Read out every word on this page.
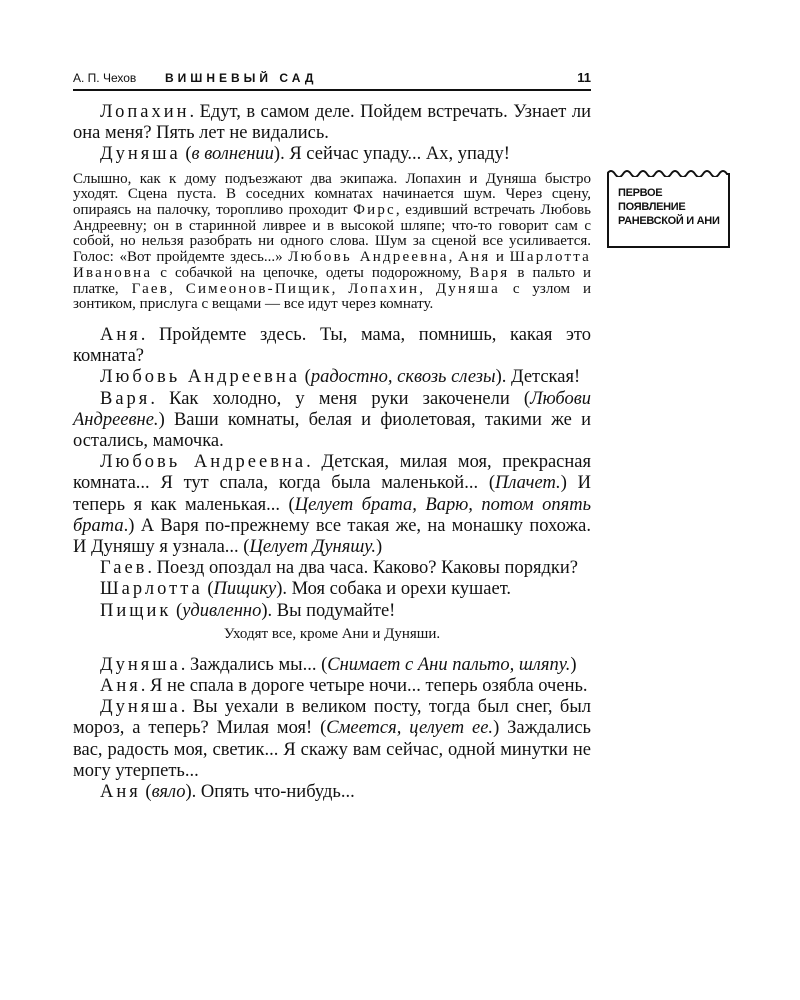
А. П. Чехов ВИШНЕВЫЙ САД	11
ПЕРВОЕ ПОЯВЛЕНИЕ РАНЕВСКОЙ И АНИ

Лопахин. Едут, в самом деле. Пойдем встречать. Узнает ли она меня? Пять лет не видались.

Дуняша (в волнении). Я сейчас упаду... Ах, упаду!

Слышно, как к дому подъезжают два экипажа. Лопахин и Дуняша быстро уходят. Сцена пуста. В соседних комнатах начинается шум. Через сцену, опираясь на палочку, торопливо проходит Фирс, ездивший встречать Любовь Андреевну; он в старинной ливрее и в высокой шляпе; что-то говорит сам с собой, но нельзя разобрать ни одного слова. Шум за сценой все усиливается. Голос: «Вот пройдемте здесь...» Любовь Андреевна, Аня и Шарлотта Ивановна с собачкой на цепочке, одеты подорожному, Варя в пальто и платке, Гаев, Симеонов-Пищик, Лопахин, Дуняша с узлом и зонтиком, прислуга с вещами — все идут через комнату.

Аня. Пройдемте здесь. Ты, мама, помнишь, какая это комната?

Любовь Андреевна (радостно, сквозь слезы). Детская!

Варя. Как холодно, у меня руки закоченели (Любови Андреевне.) Ваши комнаты, белая и фиолетовая, такими же и остались, мамочка.

Любовь Андреевна. Детская, милая моя, прекрасная комната... Я тут спала, когда была маленькой... (Плачет.) И теперь я как маленькая... (Целует брата, Варю, потом опять брата.) А Варя по-прежнему все такая же, на монашку похожа. И Дуняшу я узнала... (Целует Дуняшу.)

Гаев. Поезд опоздал на два часа. Каково? Каковы порядки?

Шарлотта (Пищику). Моя собака и орехи кушает.

Пищик (удивленно). Вы подумайте!

Уходят все, кроме Ани и Дуняши.

Дуняша. Заждались мы... (Снимает с Ани пальто, шляпу.)

Аня. Я не спала в дороге четыре ночи... теперь озябла очень.

Дуняша. Вы уехали в великом посту, тогда был снег, был мороз, а теперь? Милая моя! (Смеется, целует ее.) Заждались вас, радость моя, светик... Я скажу вам сейчас, одной минутки не могу утерпеть...

Аня (вяло). Опять что-нибудь...
